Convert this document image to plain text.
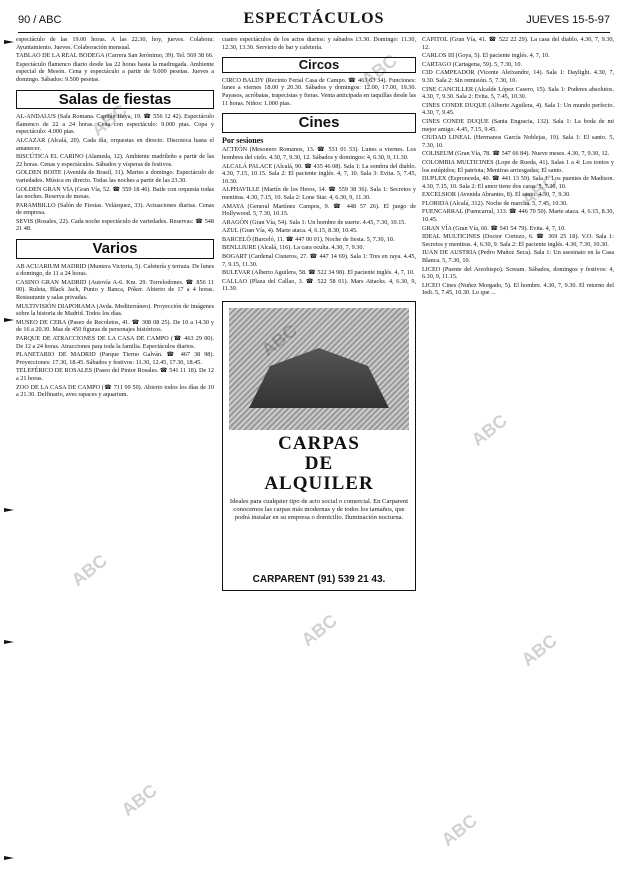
90 / ABC	ESPECTÁCULOS	JUEVES 15-5-97

espectáculo de las 19.00 horas. A las 22.30, hoy, jueves. Colabora: Ayuntamiento. Jueves. Colaboración mensual.

TABLAO DE LA REAL BODEGA (Carrera San Jerónimo, 39). Tel. 569 38 66.

Espectáculo flamenco diario desde las 22 horas hasta la madrugada. Ambiente especial de Mesón. Cena y espectáculo a partir de 9.000 pesetas. Jueves a domingo. Sábados: 9.500 pesetas.

Salas de fiestas

AL-ANDALUS (Sala Romana. Capitán Haya, 19. ☎ 556 12 42). Espectáculo flamenco de 22 a 24 horas. Cena con espectáculo: 9.000 ptas. Copa y espectáculo: 4.000 ptas.

ALCAZAR (Alcalá, 20). Cada día, orquestas en directo. Discoteca hasta el amanecer.

BISCÚTICA EL CARINO (Alameda, 12). Ambiente madrileño a partir de las 22 horas. Cenas y espectáculos. Sábados y vísperas de festivos.

GOLDEN BOITE (Avenida de Brasil, 31). Martes a domingo. Espectáculo de variedades. Música en directo. Todas las noches a partir de las 23.30.

GOLDEN GRAN VÍA (Gran Vía, 52. ☎ 559 18 46). Baile con orquesta todas las noches. Reserva de mesas.

PARAMBILLO (Salón de Fiestas. Velázquez, 33). Actuaciones diarias. Cenas de empresa.

SEVIS (Rosales, 22). Cada noche espectáculo de variedades. Reservas: ☎ 548 21 48.

Varios

AB ACUARIUM MADRID (Muntera Victoria, 5). Cafetería y terraza. De lunes a domingo, de 11 a 24 horas.

CASINO GRAN MADRID (Autovía A-6. Km. 29. Torrelodones. ☎ 856 11 00). Ruleta, Black Jack, Punto y Banca, Póker. Abierto de 17 a 4 horas. Restaurante y salas privadas.

MULTIVISIÓN DIAPORAMA (Avda. Mediterráneo). Proyección de imágenes sobre la historia de Madrid. Todos los días.

MUSEO DE CERA (Paseo de Recoletos, 41. ☎ 308 08 25). De 10 a 14.30 y de 16 a 20.30. Mas de 450 figuras de personajes históricos.

PARQUE DE ATRACCIONES DE LA CASA DE CAMPO (☎ 463 29 00). De 12 a 24 horas. Atracciones para toda la familia. Espectáculos diarios.

PLANETARIO DE MADRID (Parque Tierno Galván. ☎ 467 38 98). Proyecciones: 17.30, 18.45. Sábados y festivos: 11.30, 12.45, 17.30, 18.45.

TELEFÉRICO DE ROSALES (Paseo del Pintor Rosales. ☎ 541 11 18). De 12 a 21 horas.

ZOO DE LA CASA DE CAMPO (☎ 711 99 50). Abierto todos los días de 10 a 21.30. Delfinario, aves rapaces y aquarium.

cuatro espectáculos de los actos diarios: y sábados 13.30. Domingo: 11.30, 12.30, 13.30. Servicio de bar y cafetería.

Circos

CIRCO BALDY (Recinto Ferial Casa de Campo. ☎ 463 63 34). Funciones: lunes a viernes 18.00 y 20.30. Sábados y domingos: 12.00, 17.00, 19.30. Payasos, acróbatas, trapecistas y fieras. Venta anticipada en taquillas desde las 11 horas. Niños: 1.000 ptas.

Cines
Por sesiones

ACTEÓN (Mesonero Romanos, 13. ☎ 531 01 53). Lunes a viernes. Los hombres del cielo. 4.30, 7, 9.30, 12. Sábados y domingos: 4, 6.30, 9, 11.30.

ALCALÁ PALACE (Alcalá, 90. ☎ 435 46 08). Sala 1: La sombra del diablo. 4.30, 7.15, 10.15. Sala 2: El paciente inglés. 4, 7, 10. Sala 3: Evita. 5, 7.45, 10.30.

ALPHAVILLE (Martín de los Heros, 14. ☎ 559 38 36). Sala 1: Secretos y mentiras. 4.30, 7.15, 10. Sala 2: Lone Star. 4, 6.30, 9, 11.30.

AMAYA (General Martínez Campos, 9. ☎ 448 57 26). El juego de Hollywood. 5, 7.30, 10.15.

ARAGÓN (Gran Vía, 54). Sala 1: Un hombre de suerte. 4.45, 7.30, 10.15.

AZUL (Gran Vía, 4). Marte ataca. 4, 6.15, 8.30, 10.45.

BARCELÓ (Barceló, 11. ☎ 447 00 01). Noche de fiesta. 5, 7.30, 10.

BENLLIURE (Alcalá, 116). La cara oculta. 4.30, 7, 9.30.

BOGART (Cardenal Cisneros, 27. ☎ 447 14 69). Sala 1: Tres en raya. 4.45, 7, 9.15, 11.30.

BULEVAR (Alberto Aguilera, 58. ☎ 522 34 98). El paciente inglés. 4, 7, 10.

CALLAO (Plaza del Callao, 3. ☎ 522 58 01). Mars Attacks. 4, 6.30, 9, 11.30.

CARPAS
DE
ALQUILER
Ideales para cualquier tipo de acto social o comercial. En Carparent conocemos las carpas más modernas y de todos los tamaños, que podrá instalar en su empresa o domicilio. Iluminación nocturna.
CARPARENT (91) 539 21 43.

CAPITOL (Gran Vía, 41. ☎ 522 22 29). La casa del diablo. 4.30, 7, 9.30, 12.

CARLOS III (Goya, 5). El paciente inglés. 4, 7, 10.

CARTAGO (Cartagena, 59). 5, 7.30, 10.

CID CAMPEADOR (Vicente Aleixandre, 14). Sala 1: Daylight. 4.30, 7, 9.30. Sala 2: Sin remisión. 5, 7.30, 10.

CINE CANCILLER (Alcalde López Casero, 15). Sala 1: Poderes absolutos. 4.30, 7, 9.30. Sala 2: Evita. 5, 7.45, 10.30.

CINES CONDE DUQUE (Alberto Aguilera, 4). Sala 1: Un mundo perfecto. 4.30, 7, 9.45.

CINES CONDE DUQUE (Santa Engracia, 132). Sala 1: La boda de mi mejor amigo. 4.45, 7.15, 9.45.

CIUDAD LINEAL (Hermanos García Noblejas, 19). Sala 1: El santo. 5, 7.30, 10.

COLISEUM (Gran Vía, 78. ☎ 547 66 84). Nueve meses. 4.30, 7, 9.30, 12.

COLOMBIA MULTICINES (Lope de Rueda, 41). Salas 1 a 4: Los tontos y los estúpidos; El patriota; Mentiras arriesgadas; El santo.

DUPLEX (Espronceda, 40. ☎ 441 13 59). Sala 1: Los puentes de Madison. 4.30, 7.15, 10. Sala 2: El amor tiene dos caras. 5, 7.30, 10.

EXCELSIOR (Avenida Abrantes, 8). El santo. 4.30, 7, 9.30.

FLORIDA (Alcalá, 312). Noche de marcha. 5, 7.45, 10.30.

FUENCARRAL (Fuencarral, 133. ☎ 446 70 50). Marte ataca. 4, 6.15, 8.30, 10.45.

GRAN VÍA (Gran Vía, 66. ☎ 541 54 79). Evita. 4, 7, 10.

IDEAL MULTICINES (Doctor Cortezo, 6. ☎ 369 25 18). V.O. Sala 1: Secretos y mentiras. 4, 6.30, 9. Sala 2: El paciente inglés. 4.30, 7.30, 10.30.

JUAN DE AUSTRIA (Pedro Muñoz Seca). Sala 1: Un asesinato en la Casa Blanca. 5, 7.30, 10.

LICEO (Puente del Arzobispo). Scream. Sábados, domingos y festivos: 4, 6.30, 9, 11.15.

LICEO Cines (Nuñez Morgado, 5). El hombre. 4.30, 7, 9.30. El retorno del Jedi. 5, 7.45, 10.30. Lo que ...

ABC
ABC
ABC
ABC
ABC
ABC
ABC
ABC
ABC
